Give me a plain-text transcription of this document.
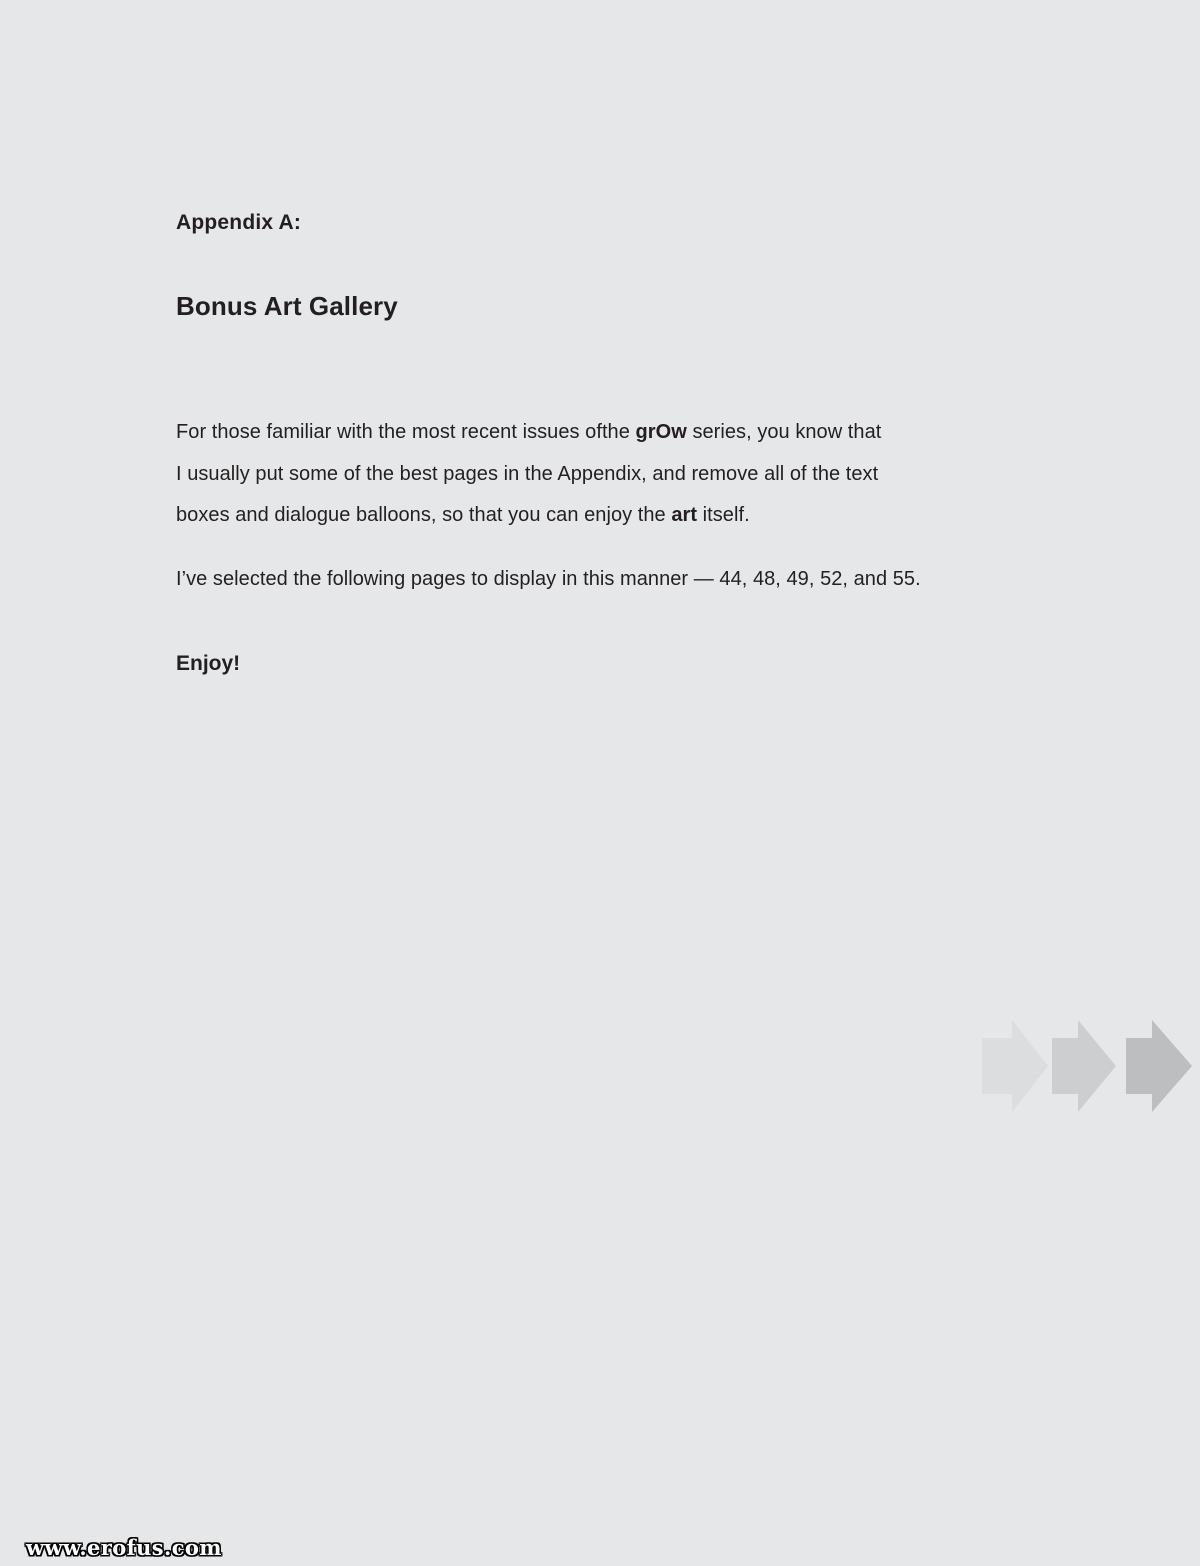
Appendix A:
Bonus Art Gallery
For those familiar with the most recent issues ofthe grOw series, you know that
I usually put some of the best pages in the Appendix, and remove all of the text
boxes and dialogue balloons, so that you can enjoy the art itself.
I’ve selected the following pages to display in this manner — 44, 48, 49, 52, and 55.
Enjoy!
www.erofus.com
